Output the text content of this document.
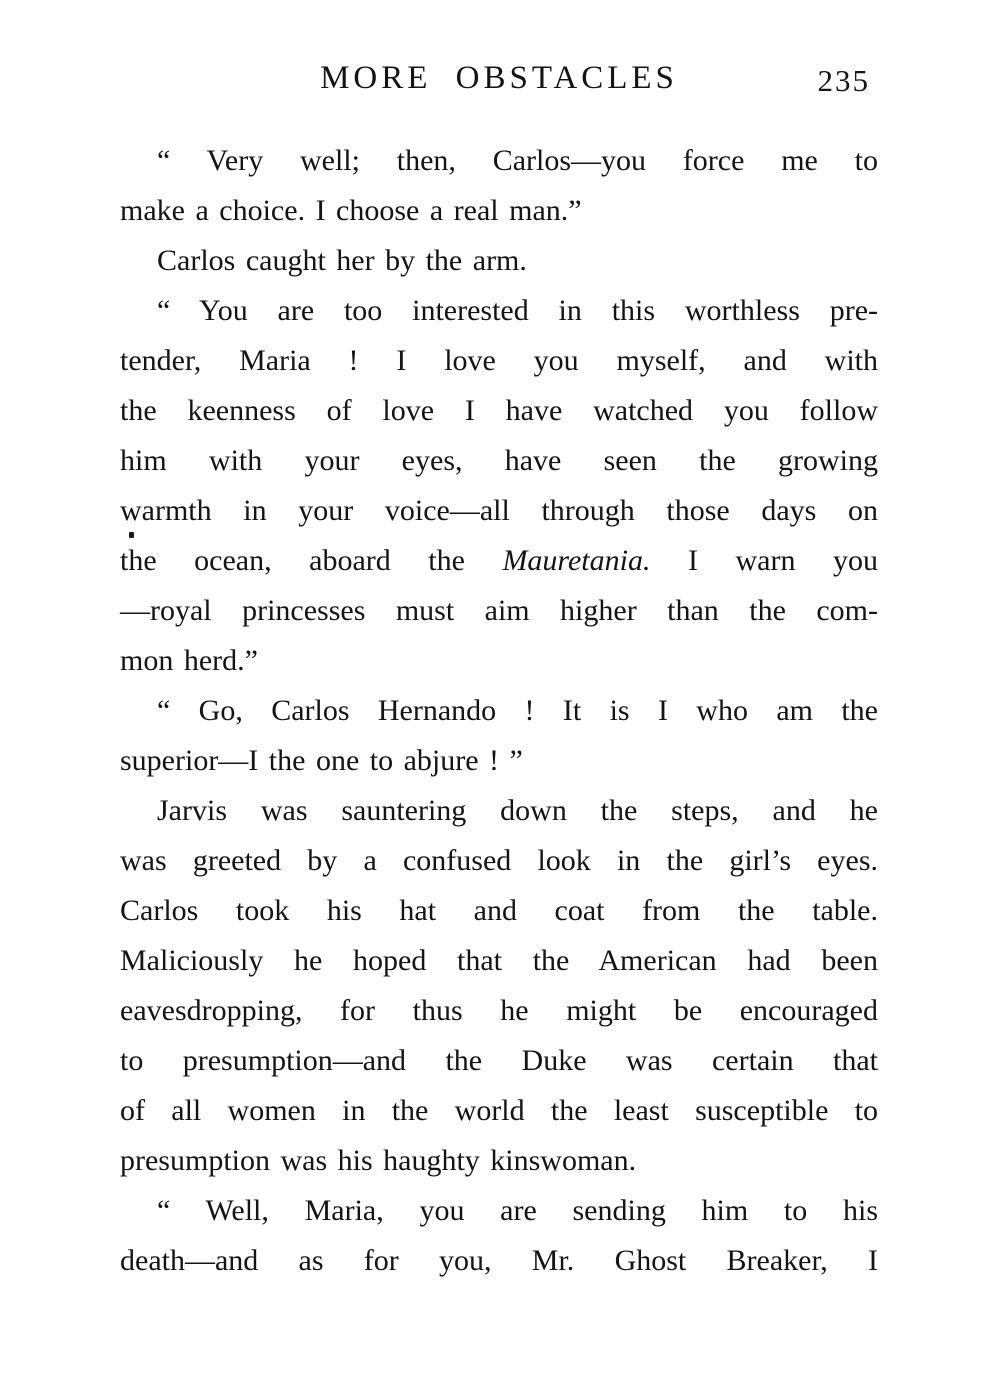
MORE OBSTACLES	235
“ Very well; then, Carlos—you force me to
make a choice. I choose a real man.”
Carlos caught her by the arm.
“ You are too interested in this worthless pre-
tender, Maria ! I love you myself, and with
the keenness of love I have watched you follow
him with your eyes, have seen the growing
warmth in your voice—all through those days on
the ocean, aboard the Mauretania. I warn you
—royal princesses must aim higher than the com-
mon herd.”
“ Go, Carlos Hernando ! It is I who am the
superior—I the one to abjure ! ”
Jarvis was sauntering down the steps, and he
was greeted by a confused look in the girl’s eyes.
Carlos took his hat and coat from the table.
Maliciously he hoped that the American had been
eavesdropping, for thus he might be encouraged
to presumption—and the Duke was certain that
of all women in the world the least susceptible to
presumption was his haughty kinswoman.
“ Well, Maria, you are sending him to his
death—and as for you, Mr. Ghost Breaker, I
